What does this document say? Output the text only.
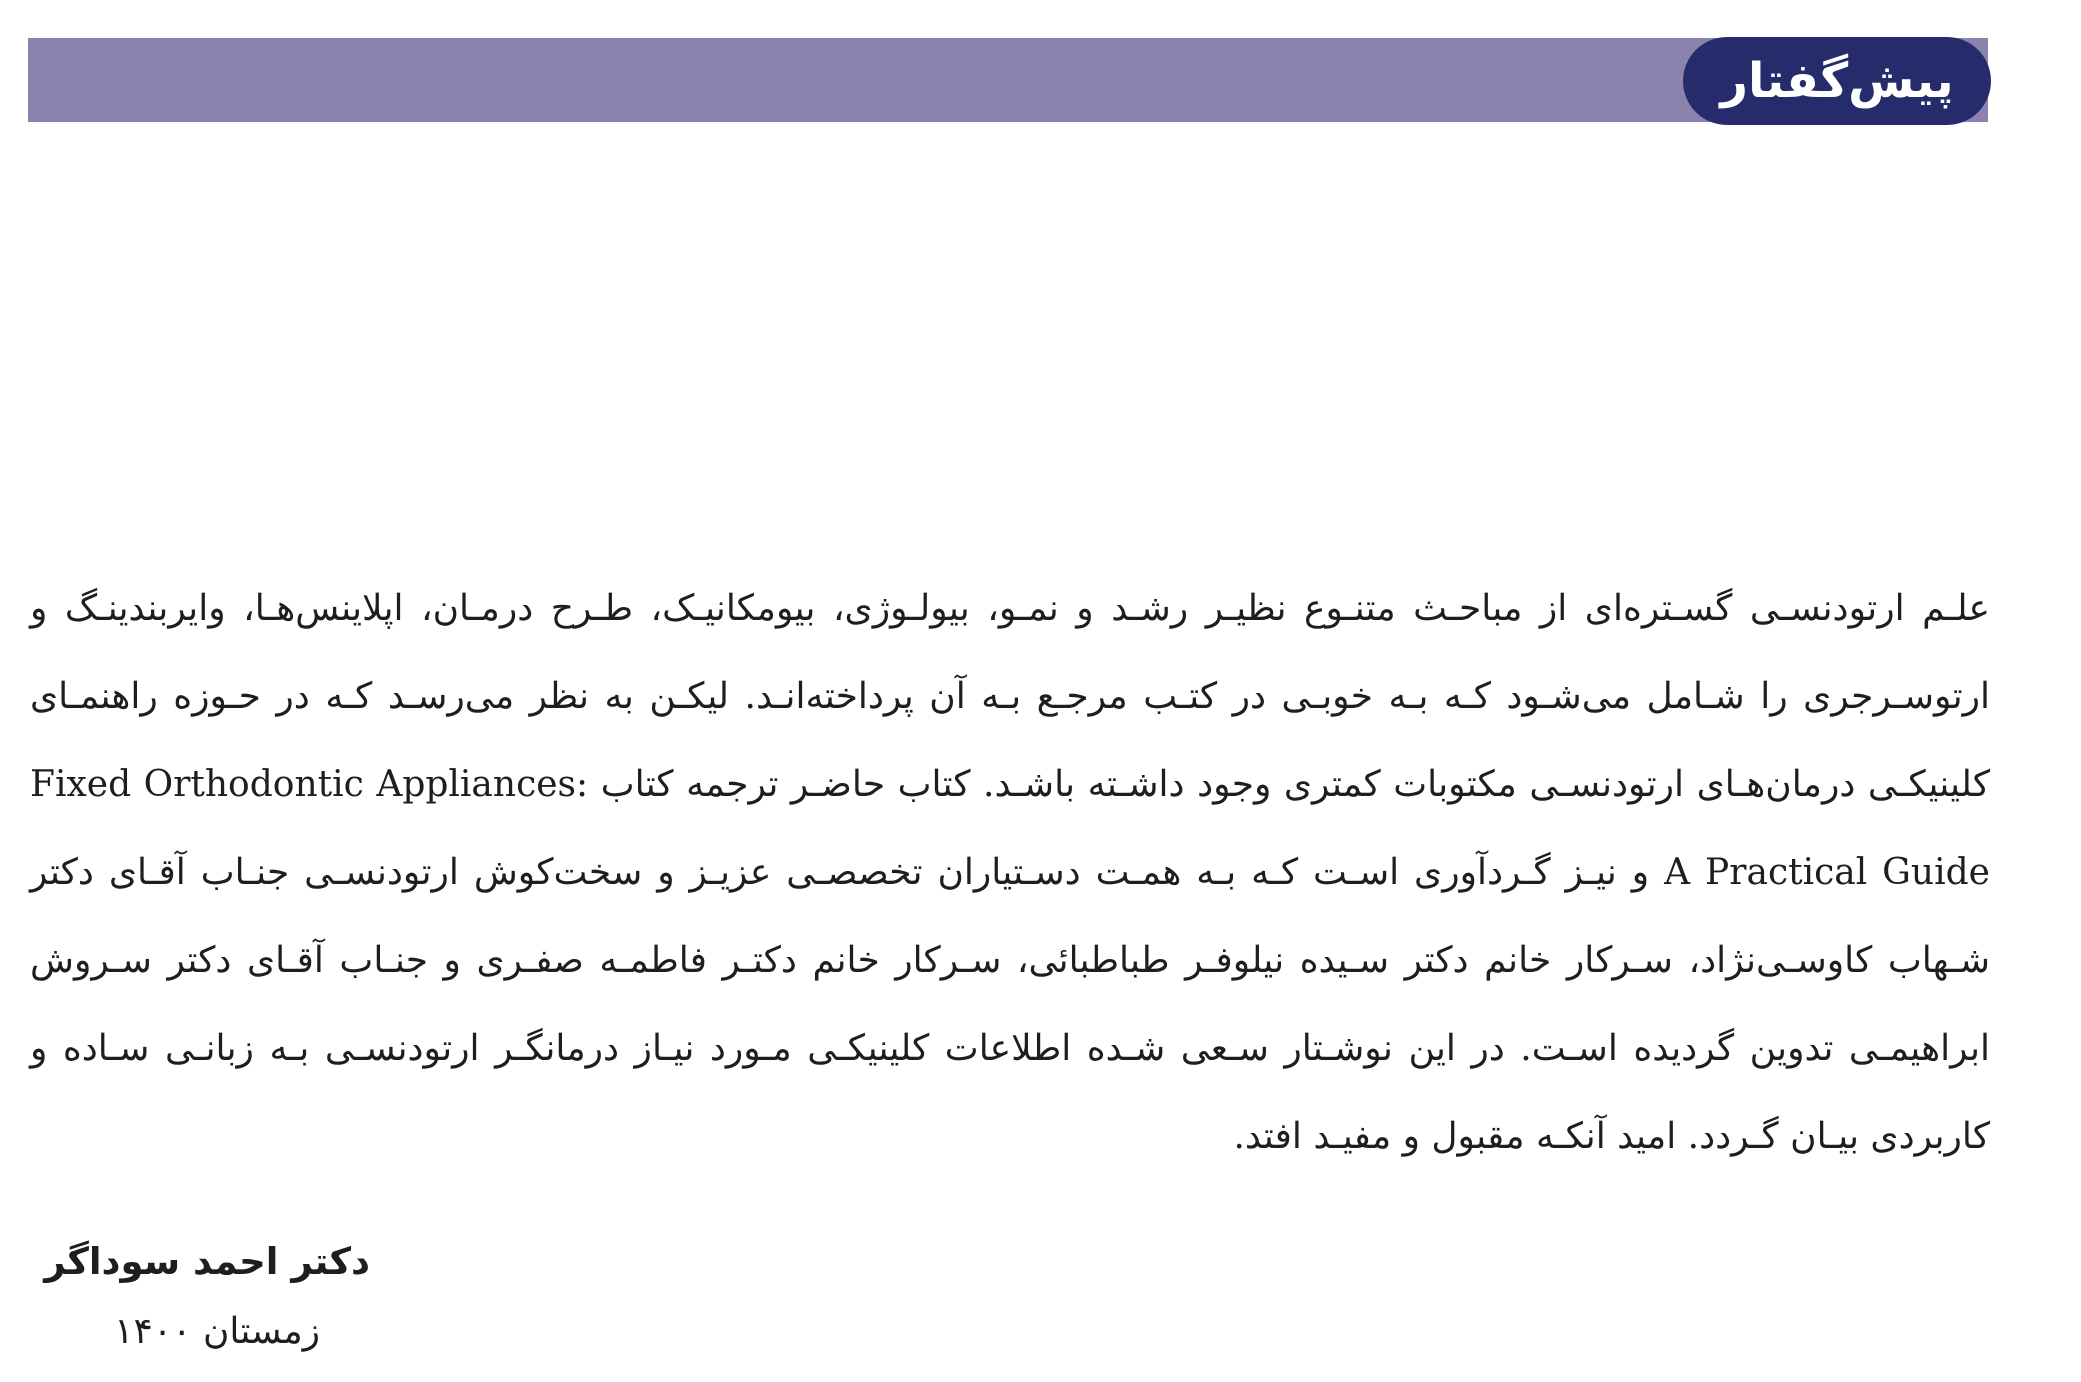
پیش‌گفتار

علـم ارتودنسـی گسـتره‌ای از مباحـث متنـوع نظیـر رشـد و نمـو، بیولـوژی، بیومکانیـک، طـرح درمـان، اپلاینس‌هـا، وایربندینـگ و ارتوسـرجری را شـامل می‌شـود کـه بـه خوبـی در کتـب مرجـع بـه آن پرداخته‌انـد. لیکـن به نظر می‌رسـد کـه در حـوزه راهنمـای کلینیکـی درمان‌هـای ارتودنسـی مکتوبات کمتری وجود داشـته باشـد. کتاب حاضـر ترجمه کتاب Fixed Orthodontic Appliances: A Practical Guide و نیـز گـردآوری اسـت کـه بـه همـت دسـتیاران تخصصـی عزیـز و سخت‌کوش ارتودنسـی جنـاب آقـای دکتر شـهاب کاوسـی‌نژاد، سـرکار خانم دکتر سـیده نیلوفـر طباطبائی، سـرکار خانم دکتـر فاطمـه صفـری و جنـاب آقـای دکتر سـروش ابراهیمـی تدوین گردیده اسـت. در این نوشـتار سـعی شـده اطلاعات کلینیکـی مـورد نیـاز درمانگـر ارتودنسـی بـه زبانـی سـاده و کاربردی بیـان گـردد. امید آنکـه مقبول و مفیـد افتد.

دکتر احمد سوداگر
زمستان ۱۴۰۰
